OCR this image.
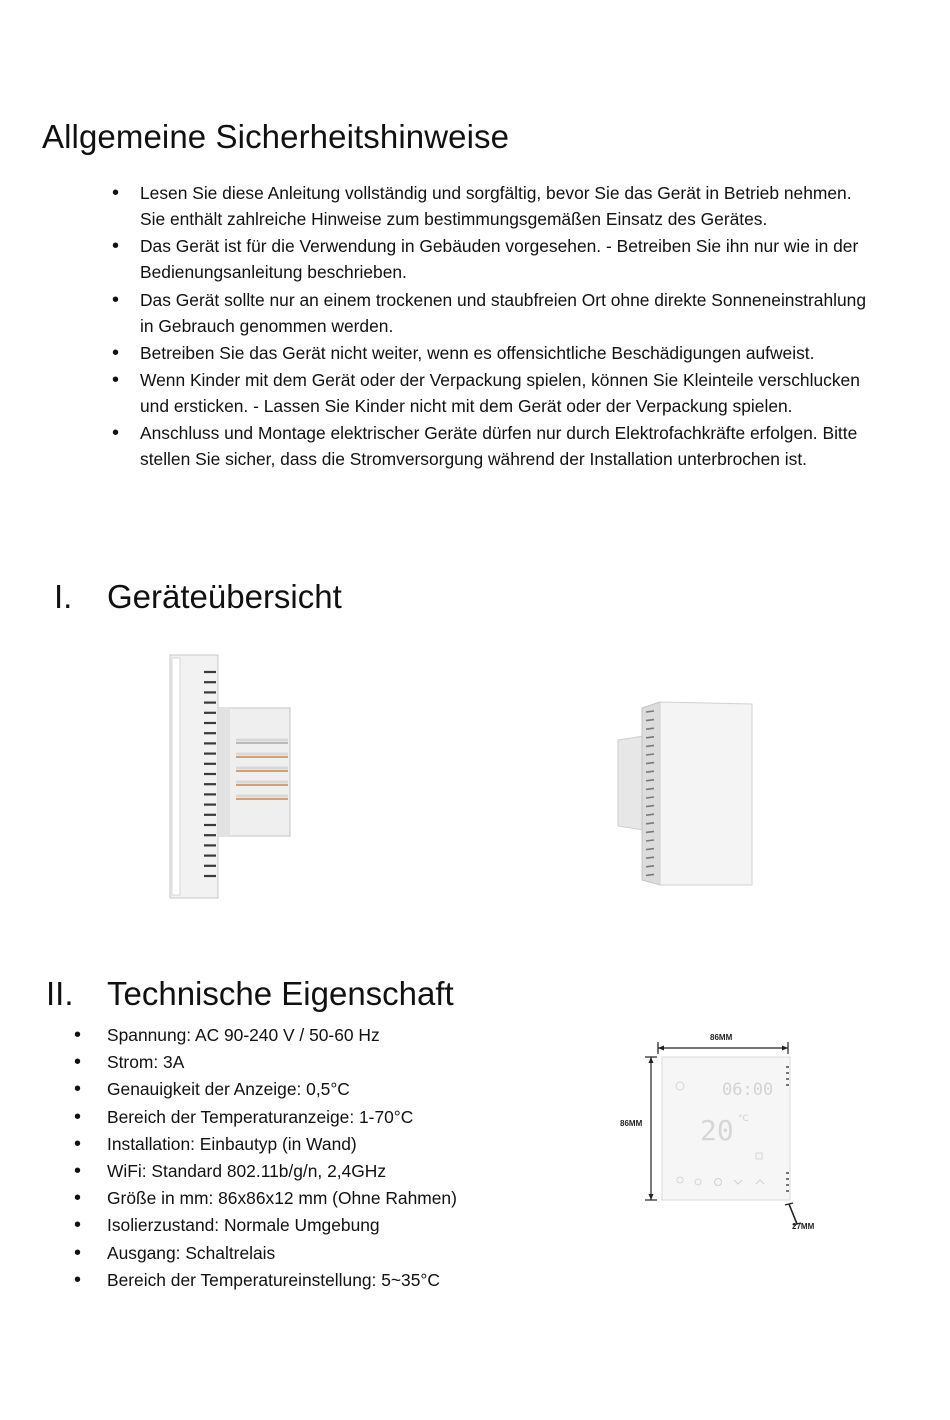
Allgemeine Sicherheitshinweise
• Lesen Sie diese Anleitung vollständig und sorgfältig, bevor Sie das Gerät in Betrieb nehmen. Sie enthält zahlreiche Hinweise zum bestimmungsgemäßen Einsatz des Gerätes.
• Das Gerät ist für die Verwendung in Gebäuden vorgesehen. - Betreiben Sie ihn nur wie in der Bedienungsanleitung beschrieben.
• Das Gerät sollte nur an einem trockenen und staubfreien Ort ohne direkte Sonneneinstrahlung in Gebrauch genommen werden.
• Betreiben Sie das Gerät nicht weiter, wenn es offensichtliche Beschädigungen aufweist.
• Wenn Kinder mit dem Gerät oder der Verpackung spielen, können Sie Kleinteile verschlucken und ersticken. - Lassen Sie Kinder nicht mit dem Gerät oder der Verpackung spielen.
• Anschluss und Montage elektrischer Geräte dürfen nur durch Elektrofachkräfte erfolgen. Bitte stellen Sie sicher, dass die Stromversorgung während der Installation unterbrochen ist.
I. Geräteübersicht
II. Technische Eigenschaft
• Spannung: AC 90-240 V / 50-60 Hz
• Strom: 3A
• Genauigkeit der Anzeige: 0,5°C
• Bereich der Temperaturanzeige: 1-70°C
• Installation: Einbautyp (in Wand)
• WiFi: Standard 802.11b/g/n, 2,4GHz
• Größe in mm: 86x86x12 mm (Ohne Rahmen)
• Isolierzustand: Normale Umgebung
• Ausgang: Schaltrelais
• Bereich der Temperatureinstellung: 5~35°C
86MM
86MM
06:00
20 °C
27MM
